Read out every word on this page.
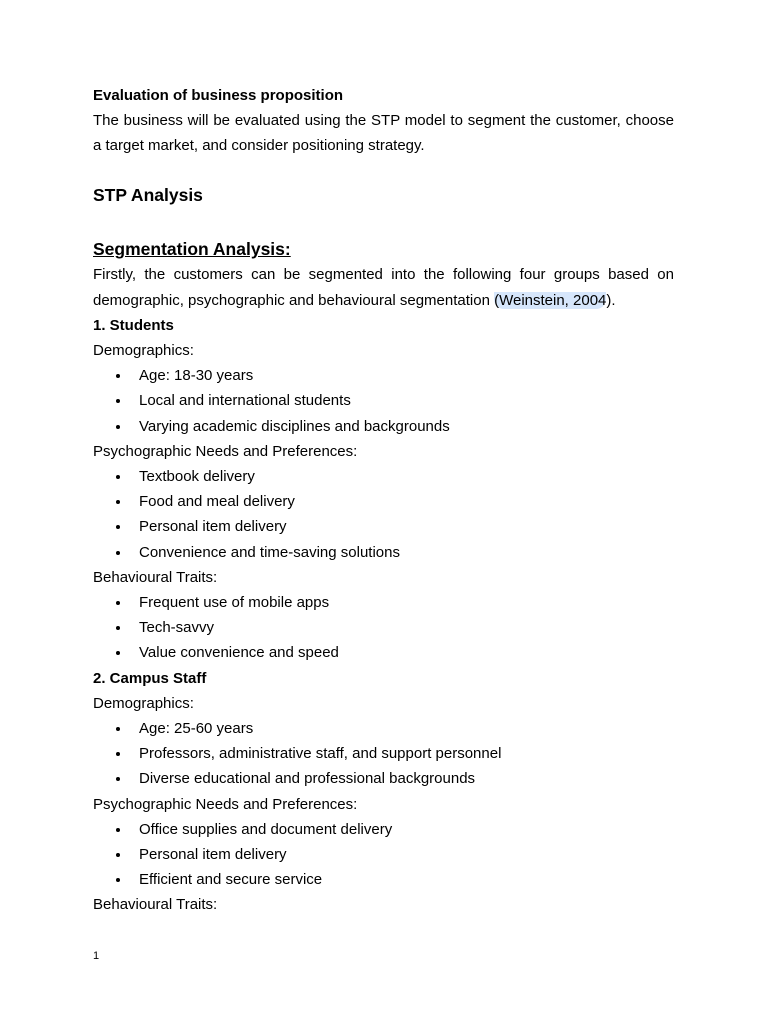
Evaluation of business proposition

The business will be evaluated using the STP model to segment the customer, choose a target market, and consider positioning strategy.

STP Analysis

Segmentation Analysis:

Firstly, the customers can be segmented into the following four groups based on demographic, psychographic and behavioural segmentation (Weinstein, 2004).

1. Students

Demographics:

Age: 18-30 years
Local and international students
Varying academic disciplines and backgrounds

Psychographic Needs and Preferences:

Textbook delivery
Food and meal delivery
Personal item delivery
Convenience and time-saving solutions

Behavioural Traits:

Frequent use of mobile apps
Tech-savvy
Value convenience and speed

2. Campus Staff

Demographics:

Age: 25-60 years
Professors, administrative staff, and support personnel
Diverse educational and professional backgrounds

Psychographic Needs and Preferences:

Office supplies and document delivery
Personal item delivery
Efficient and secure service

Behavioural Traits:

1
